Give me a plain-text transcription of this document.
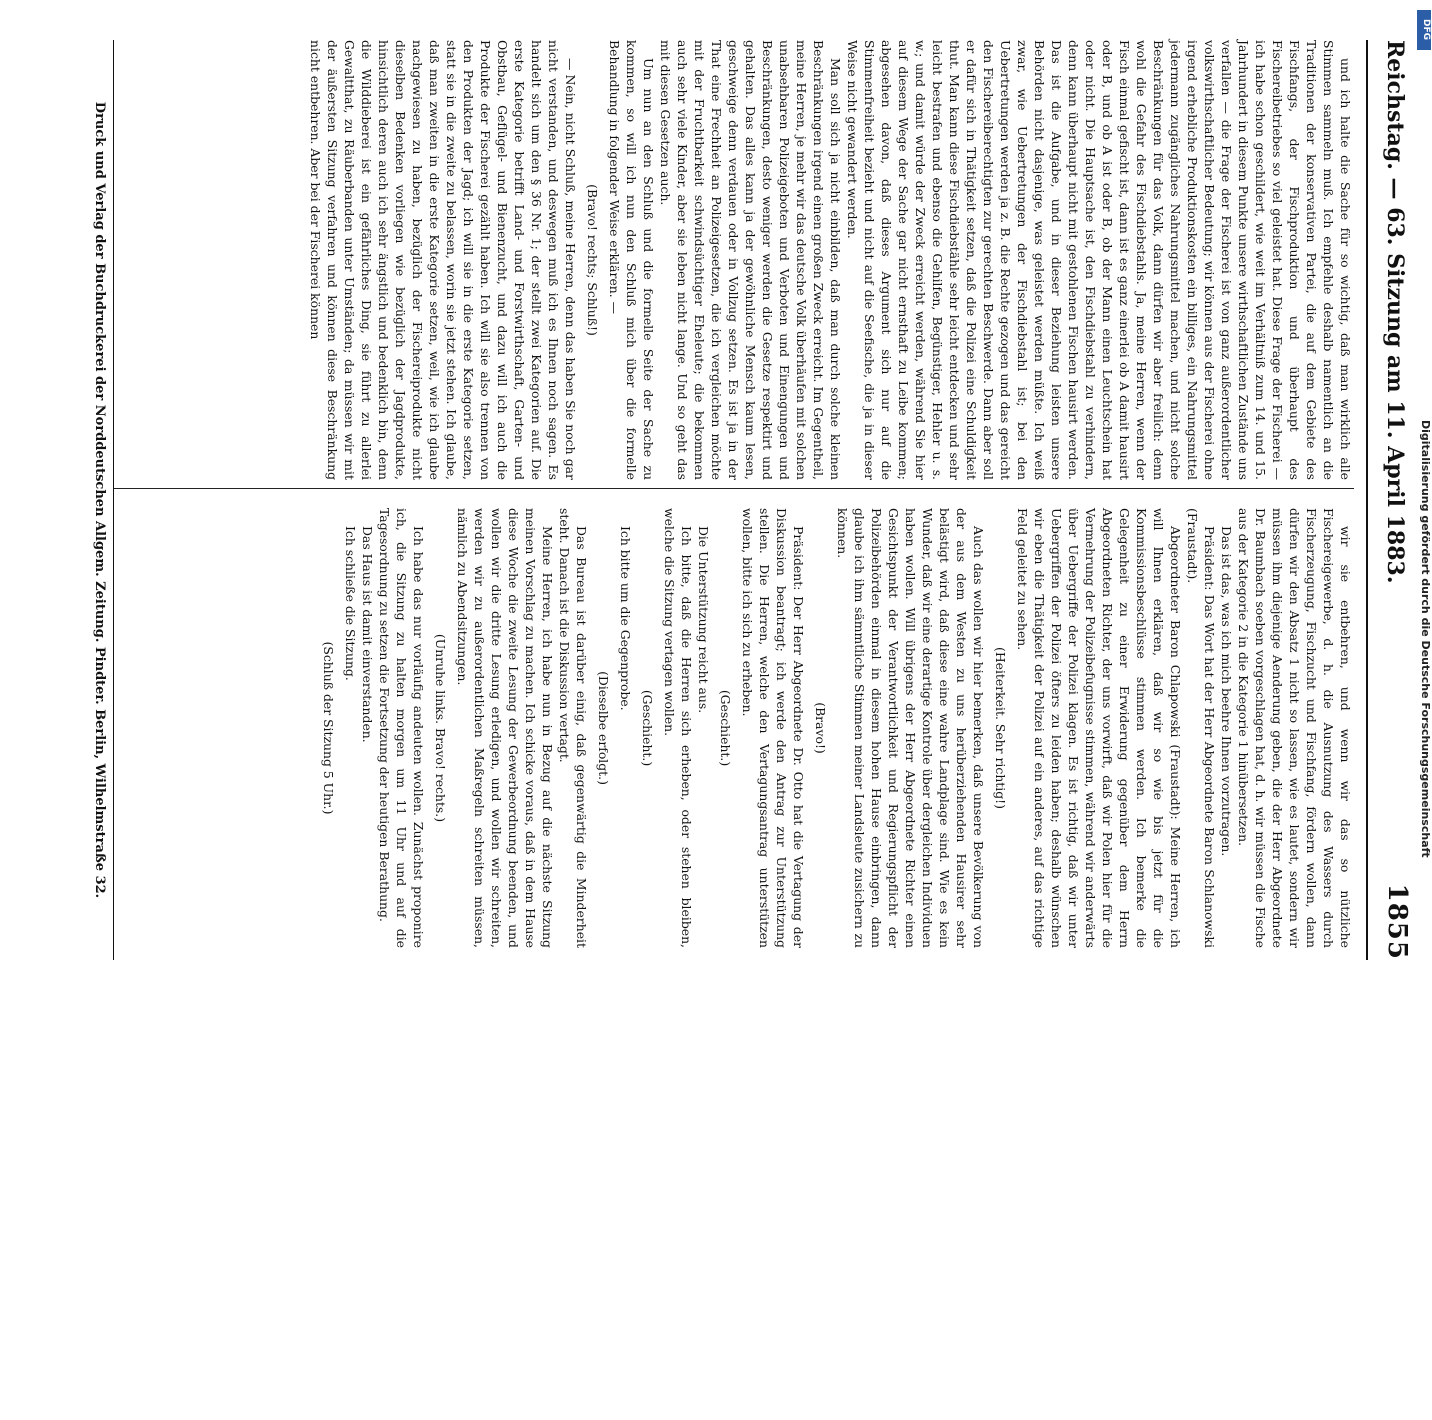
Reichstag. — 63. Sitzung am 11. April 1883.
1855

und ich halte die Sache für so wichtig, daß man wirklich alle Stimmen sammeln muß. Ich empfehle deshalb namentlich an die Traditionen der konservativen Partei, die auf dem Gebiete des Fischfangs, der Fischproduktion und überhaupt des Fischereibetriebes so viel geleistet hat. Diese Frage der Fischerei — ich habe schon geschildert, wie weit im Verhältniß zum 14. und 15. Jahrhundert in diesem Punkte unsere wirthschaftlichen Zustände uns verfallen — die Frage der Fischerei ist von ganz außerordentlicher volkswirthschaftlicher Bedeutung; wir können aus der Fischerei ohne irgend erhebliche Produktionskosten ein billiges, ein Nahrungsmittel jedermann zugängliches Nahrungsmittel machen, und nicht solche Beschränkungen für das Volk, dann dürfen wir aber freilich: denn wohl die Gefahr des Fischdiebstahls. Ja, meine Herren, wenn der Fisch einmal gefischt ist, dann ist es ganz einerlei ob A damit hausirt oder B, und ob A ist oder B, ob der Mann einen Leuchtschein hat oder nicht. Die Hauptsache ist, den Fischdiebstahl zu verhindern, denn kann überhaupt nicht mit gestohlenen Fischen hausirt werden. Das ist die Aufgabe, und in dieser Beziehung leisten unsere Behörden nicht dasjenige, was geleistet werden müßte. Ich weiß zwar, wie Uebertretungen der Fischdiebstahl ist; bei den Uebertretungen werden ja z. B. die Rechte gezogen und das gereicht den Fischereiberechtigten zur gerechten Beschwerde. Dann aber soll er dafür sich in Thätigkeit setzen, daß die Polizei eine Schuldigkeit thut. Man kann diese Fischdiebstähle sehr leicht entdecken und sehr leicht bestrafen und ebenso die Gehilfen, Begünstiger, Hehler u. s. w.; und damit würde der Zweck erreicht werden, während Sie hier auf diesem Wege der Sache gar nicht ernsthaft zu Leibe kommen; abgesehen davon, daß dieses Argument sich nur auf die Stimmenfreiheit bezieht und nicht auf die Seefische, die ja in dieser Weise nicht gewandert werden.

Man soll sich ja nicht einbilden, daß man durch solche kleinen Beschränkungen irgend einen großen Zweck erreicht. Im Gegentheil, meine Herren, je mehr wir das deutsche Volk überhäufen mit solchen unabsehbaren Polizeigeboten und Verboten und Einengungen und Beschränkungen, desto weniger werden die Gesetze respektirt und gehalten. Das alles kann ja der gewöhnliche Mensch kaum lesen, geschweige denn verdauen oder in Vollzug setzen. Es ist ja in der That eine Frechheit an Polizeigesetzen, die ich vergleichen möchte mit der Fruchtbarkeit schwindsüchtiger Eheleute; die bekommen auch sehr viele Kinder, aber sie leben nicht lange. Und so geht das mit diesen Gesetzen auch.

Um nun an den Schluß und die formelle Seite der Sache zu kommen, so will ich nun den Schluß mich über die formelle Behandlung in folgender Weise erklären. —

(Bravo! rechts; Schluß!)

— Nein, nicht Schluß, meine Herren, denn das haben Sie noch gar nicht verstanden, und deswegen muß ich es Ihnen noch sagen. Es handelt sich um den § 36 Nr. 1; der stellt zwei Kategorien auf. Die erste Kategorie betrifft Land- und Forstwirthschaft, Garten- und Obstbau, Geflügel- und Bienenzucht, und dazu will ich auch die Produkte der Fischerei gezählt haben. Ich will sie also trennen von den Produkten der Jagd; ich will sie in die erste Kategorie setzen, statt sie in die zweite zu belassen, worin sie jetzt stehen. Ich glaube, daß man zweiten in die erste Kategorie setzen, weil, wie ich glaube nachgewiesen zu haben, bezüglich der Fischereiprodukte nicht dieselben Bedenken vorliegen wie bezüglich der Jagdprodukte, hinsichtlich deren auch ich sehr ängstlich und bedenklich bin, denn die Wilddieberei ist ein gefährliches Ding, sie führt zu allerlei Gewaltthat, zu Räuberbanden unter Umständen; da müssen wir mit der äußersten Sitzung verfahren und können diese Beschränkung nicht entbehren. Aber bei der Fischerei können

wir sie entbehren, und wenn wir das so nützliche Fischereigewerbe, d. h. die Ausnutzung des Wassers durch Fischerzeugung, Fischzucht und Fischfang, fördern wollen, dann dürfen wir den Absatz 1 nicht so lassen, wie es lautet, sondern wir müssen ihm diejenige Aenderung geben, die der Herr Abgeordnete Dr. Baumbach soeben vorgeschlagen hat, d. h. wir müssen die Fische aus der Kategorie 2 in die Kategorie 1 hinübersetzen.

Das ist das, was ich mich beehre Ihnen vorzutragen.

Präsident: Das Wort hat der Herr Abgeordnete Baron Schlanowski (Fraustadt).

Abgeordneter Baron Chlapowski (Fraustadt): Meine Herren, ich will Ihnen erklären, daß wir so wie bis jetzt für die Kommissionsbeschlüsse stimmen werden. Ich bemerke die Gelegenheit zu einer Erwiderung gegenüber dem Herrn Abgeordneten Richter, der uns vorwirft, daß wir Polen hier für die Vermehrung der Polizeibefugnisse stimmen, während wir anderwärts über Uebergriffe der Polizei klagen. Es ist richtig, daß wir unter Uebergriffen der Polizei öfters zu leiden haben; deshalb wünschen wir eben die Thätigkeit der Polizei auf ein anderes, auf das richtige Feld geleitet zu sehen.

(Heiterkeit. Sehr richtig!)

Auch das wollen wir hier bemerken, daß unsere Bevölkerung von der aus dem Westen zu uns herüberziehenden Hausirer sehr belästigt wird, daß diese eine wahre Landplage sind. Wie es kein Wunder, daß wir eine derartige Kontrole über dergleichen Individuen haben wollen. Will übrigens der Herr Abgeordnete Richter einen Gesichtspunkt der Verantwortlichkeit und Regierungspflicht der Polizeibehörden einmal in diesem hohen Hause einbringen, dann glaube ich ihm sämmtliche Stimmen meiner Landsleute zusichern zu können.

(Bravo!)

Präsident: Der Herr Abgeordnete Dr. Otto hat die Vertagung der Diskussion beantragt; ich werde den Antrag zur Unterstützung stellen. Die Herren, welche den Vertagungsantrag unterstützen wollen, bitte ich sich zu erheben.

(Geschieht.)

Die Unterstützung reicht aus.

Ich bitte, daß die Herren sich erheben, oder stehen bleiben, welche die Sitzung vertagen wollen.

(Geschieht.)

Ich bitte um die Gegenprobe.

(Dieselbe erfolgt.)

Das Bureau ist darüber einig, daß gegenwärtig die Minderheit steht. Danach ist die Diskussion vertagt.

Meine Herren, ich habe nun in Bezug auf die nächste Sitzung meinen Vorschlag zu machen. Ich schicke voraus, daß in dem Hause diese Woche die zweite Lesung der Gewerbeordnung beenden, und wollen wir die dritte Lesung erledigen, und wollen wir schreiten, werden wir zu außerordentlichen Maßregeln schreiten müssen, nämlich zu Abendsitzungen.

(Unruhe links. Bravo! rechts.)

Ich habe das nur vorläufig andeuten wollen. Zunächst proponire ich, die Sitzung zu halten morgen um 11 Uhr und auf die Tagesordnung zu setzen die Fortsetzung der heutigen Berathung.

Das Haus ist damit einverstanden.

Ich schließe die Sitzung.

(Schluß der Sitzung 5 Uhr.)

Druck und Verlag der Buchdruckerei der Norddeutschen Allgem. Zeitung. Pindter. Berlin, Wilhelmstraße 32.	Digitalisierung gefördert durch die Deutsche Forschungsgemeinschaft
DFG
